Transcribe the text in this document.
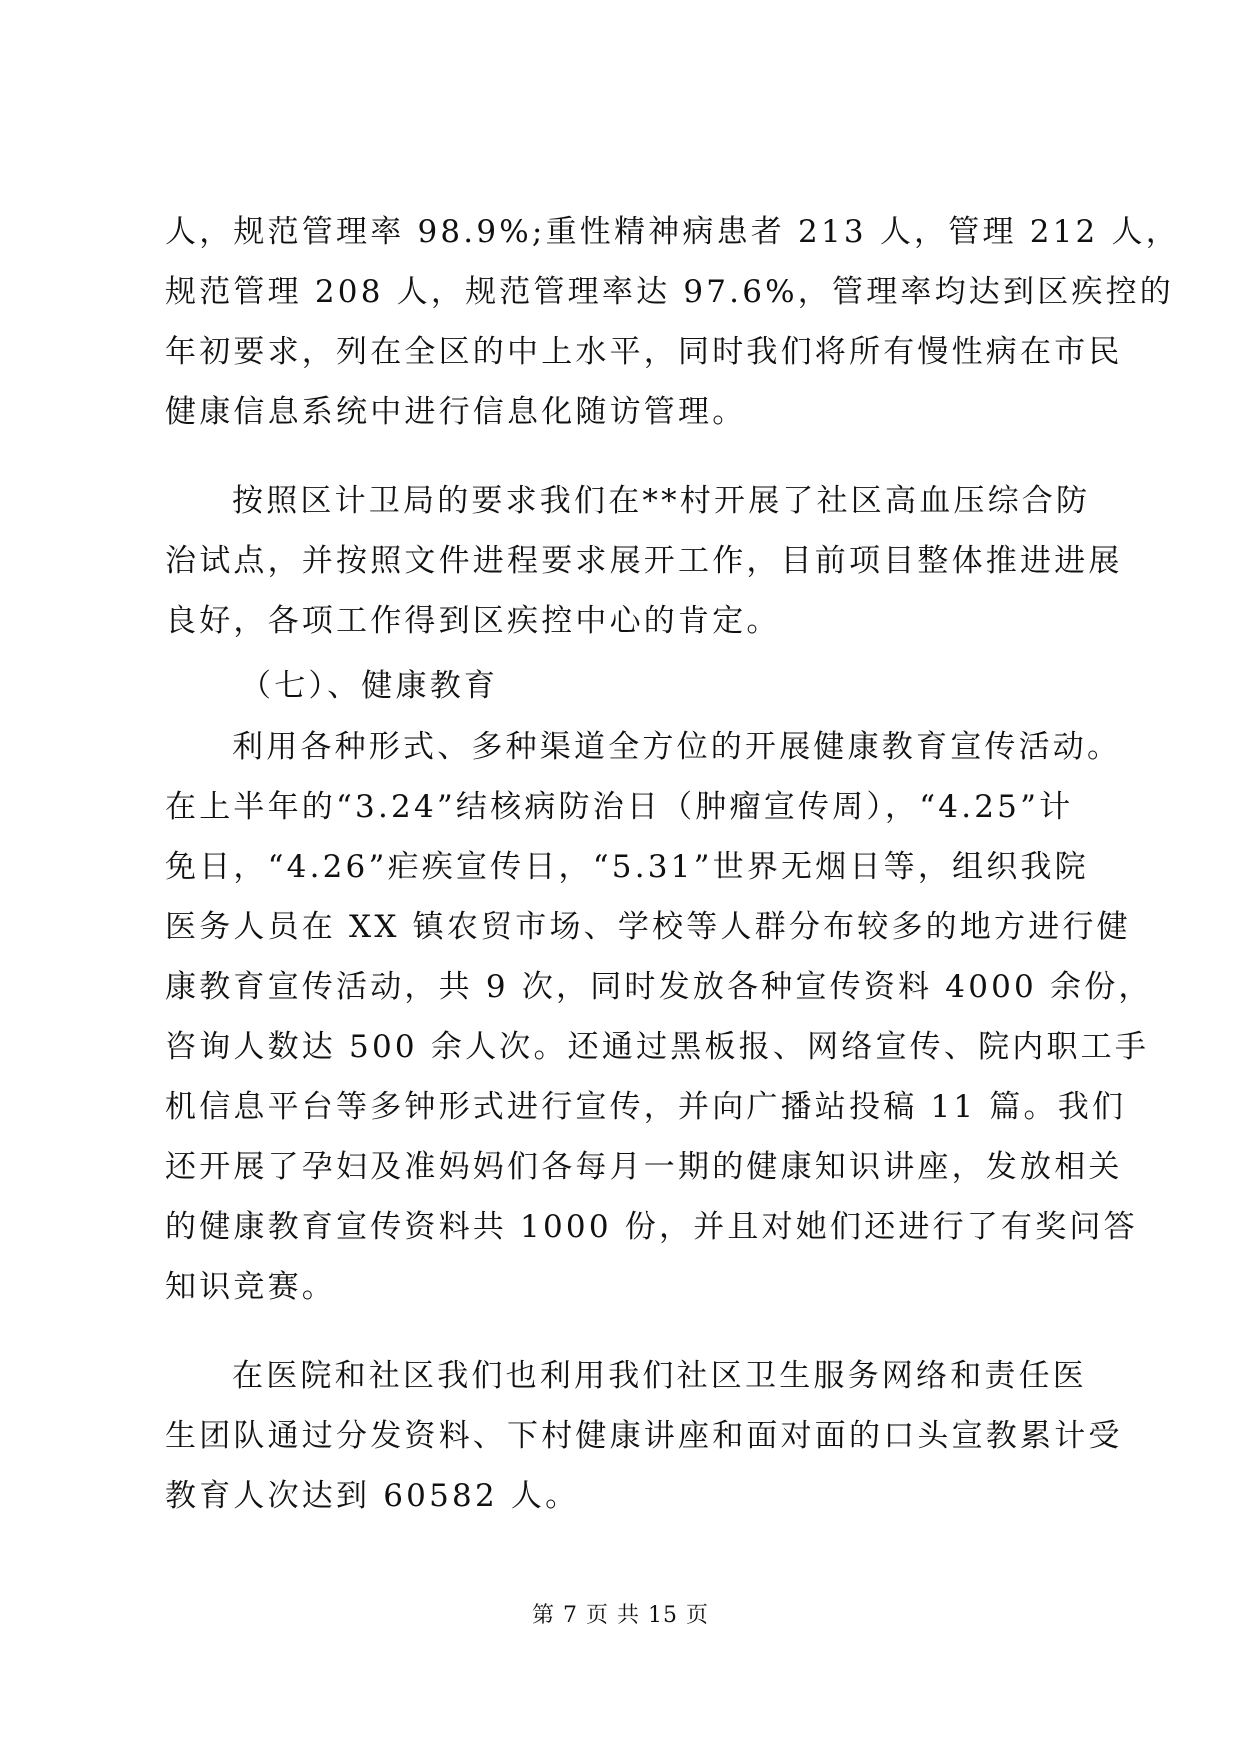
人，规范管理率 98.9%;重性精神病患者 213 人，管理 212 人，
规范管理 208 人，规范管理率达 97.6%，管理率均达到区疾控的
年初要求，列在全区的中上水平，同时我们将所有慢性病在市民
健康信息系统中进行信息化随访管理。
按照区计卫局的要求我们在**村开展了社区高血压综合防
治试点，并按照文件进程要求展开工作，目前项目整体推进进展
良好，各项工作得到区疾控中心的肯定。
（七）、健康教育
利用各种形式、多种渠道全方位的开展健康教育宣传活动。
在上半年的“3.24”结核病防治日（肿瘤宣传周），“4.25”计
免日，“4.26”疟疾宣传日，“5.31”世界无烟日等，组织我院
医务人员在 XX 镇农贸市场、学校等人群分布较多的地方进行健
康教育宣传活动，共 9 次，同时发放各种宣传资料 4000 余份，
咨询人数达 500 余人次。还通过黑板报、网络宣传、院内职工手
机信息平台等多钟形式进行宣传，并向广播站投稿 11 篇。我们
还开展了孕妇及准妈妈们各每月一期的健康知识讲座，发放相关
的健康教育宣传资料共 1000 份，并且对她们还进行了有奖问答
知识竞赛。
在医院和社区我们也利用我们社区卫生服务网络和责任医
生团队通过分发资料、下村健康讲座和面对面的口头宣教累计受
教育人次达到 60582 人。
第 7 页 共 15 页
